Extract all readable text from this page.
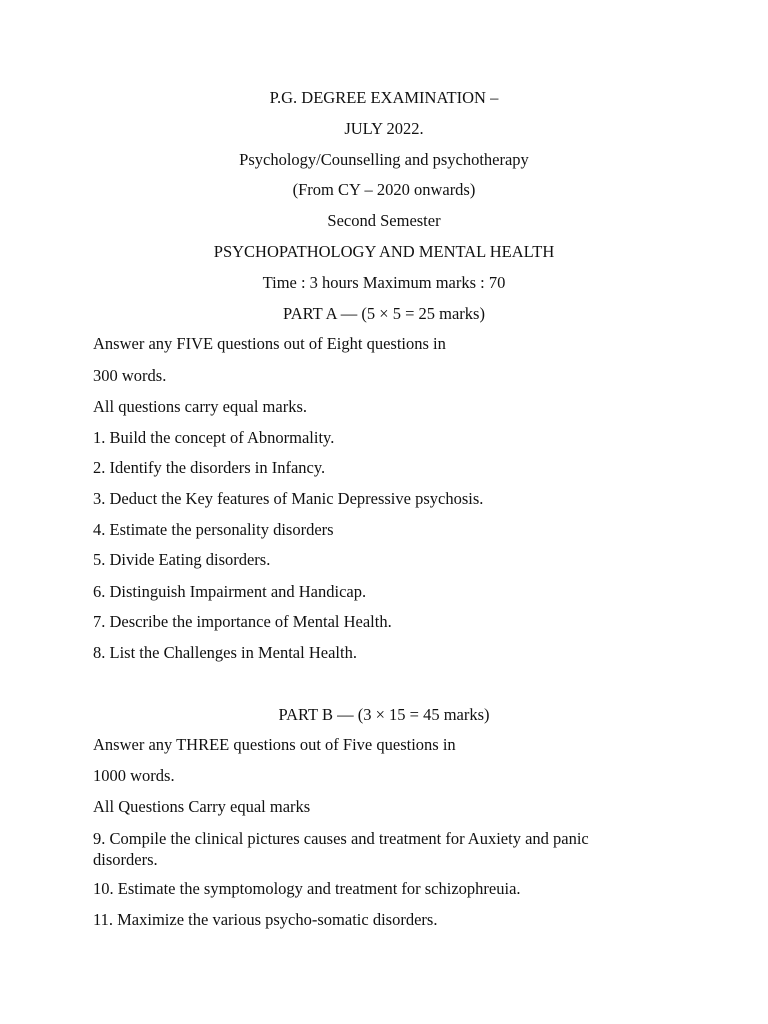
P.G. DEGREE EXAMINATION –
JULY 2022.
Psychology/Counselling and psychotherapy
(From CY – 2020 onwards)
Second Semester
PSYCHOPATHOLOGY AND MENTAL HEALTH
Time : 3 hours Maximum marks : 70
PART A — (5 × 5 = 25 marks)
Answer any FIVE questions out of Eight questions in
300 words.
All questions carry equal marks.
1. Build the concept of Abnormality.
2. Identify the disorders in Infancy.
3. Deduct the Key features of Manic Depressive psychosis.
4. Estimate the personality disorders
5. Divide Eating disorders.
6. Distinguish Impairment and Handicap.
7. Describe the importance of Mental Health.
8. List the Challenges in Mental Health.
PART B — (3 × 15 = 45 marks)
Answer any THREE questions out of Five questions in
1000 words.
All Questions Carry equal marks
9. Compile the clinical pictures causes and treatment for Auxiety and panic disorders.
10. Estimate the symptomology and treatment for schizophreuia.
11. Maximize the various psycho-somatic disorders.
